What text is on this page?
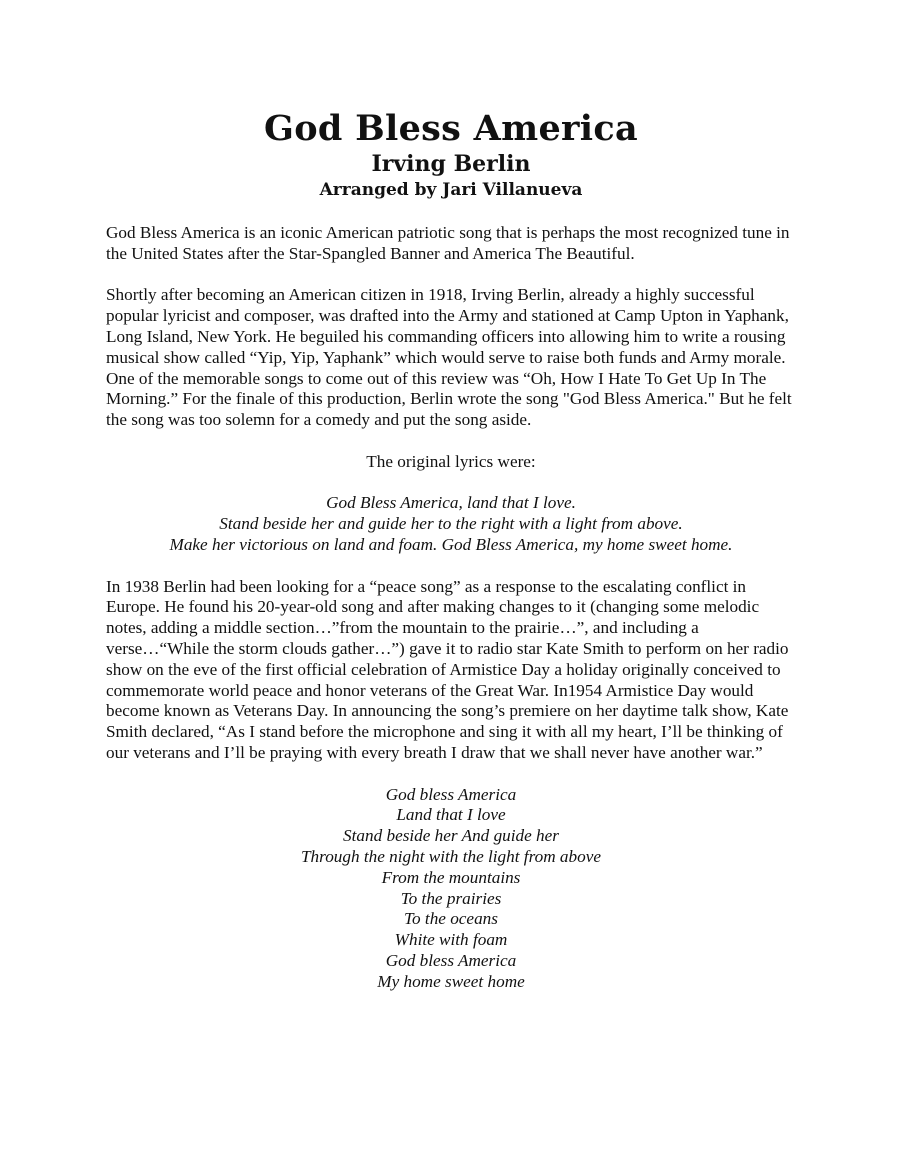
God Bless America
Irving Berlin
Arranged by Jari Villanueva

God Bless America is an iconic American patriotic song that is perhaps the most recognized tune in the United States after the Star-Spangled Banner and America The Beautiful.

Shortly after becoming an American citizen in 1918, Irving Berlin, already a highly successful popular lyricist and composer, was drafted into the Army and stationed at Camp Upton in Yaphank, Long Island, New York. He beguiled his commanding officers into allowing him to write a rousing musical show called “Yip, Yip, Yaphank” which would serve to raise both funds and Army morale. One of the memorable songs to come out of this review was “Oh, How I Hate To Get Up In The Morning.” For the finale of this production, Berlin wrote the song "God Bless America." But he felt the song was too solemn for a comedy and put the song aside.

The original lyrics were:

God Bless America, land that I love.
Stand beside her and guide her to the right with a light from above.
Make her victorious on land and foam. God Bless America, my home sweet home.

In 1938 Berlin had been looking for a “peace song” as a response to the escalating conflict in Europe. He found his 20-year-old song and after making changes to it (changing some melodic notes, adding a middle section…”from the mountain to the prairie…”, and including a verse…“While the storm clouds gather…”) gave it to radio star Kate Smith to perform on her radio show on the eve of the first official celebration of Armistice Day a holiday originally conceived to commemorate world peace and honor veterans of the Great War. In1954 Armistice Day would become known as Veterans Day. In announcing the song’s premiere on her daytime talk show, Kate Smith declared, “As I stand before the microphone and sing it with all my heart, I’ll be thinking of our veterans and I’ll be praying with every breath I draw that we shall never have another war.”

God bless America
Land that I love
Stand beside her And guide her
Through the night with the light from above
From the mountains
To the prairies
To the oceans
White with foam
God bless America
My home sweet home
